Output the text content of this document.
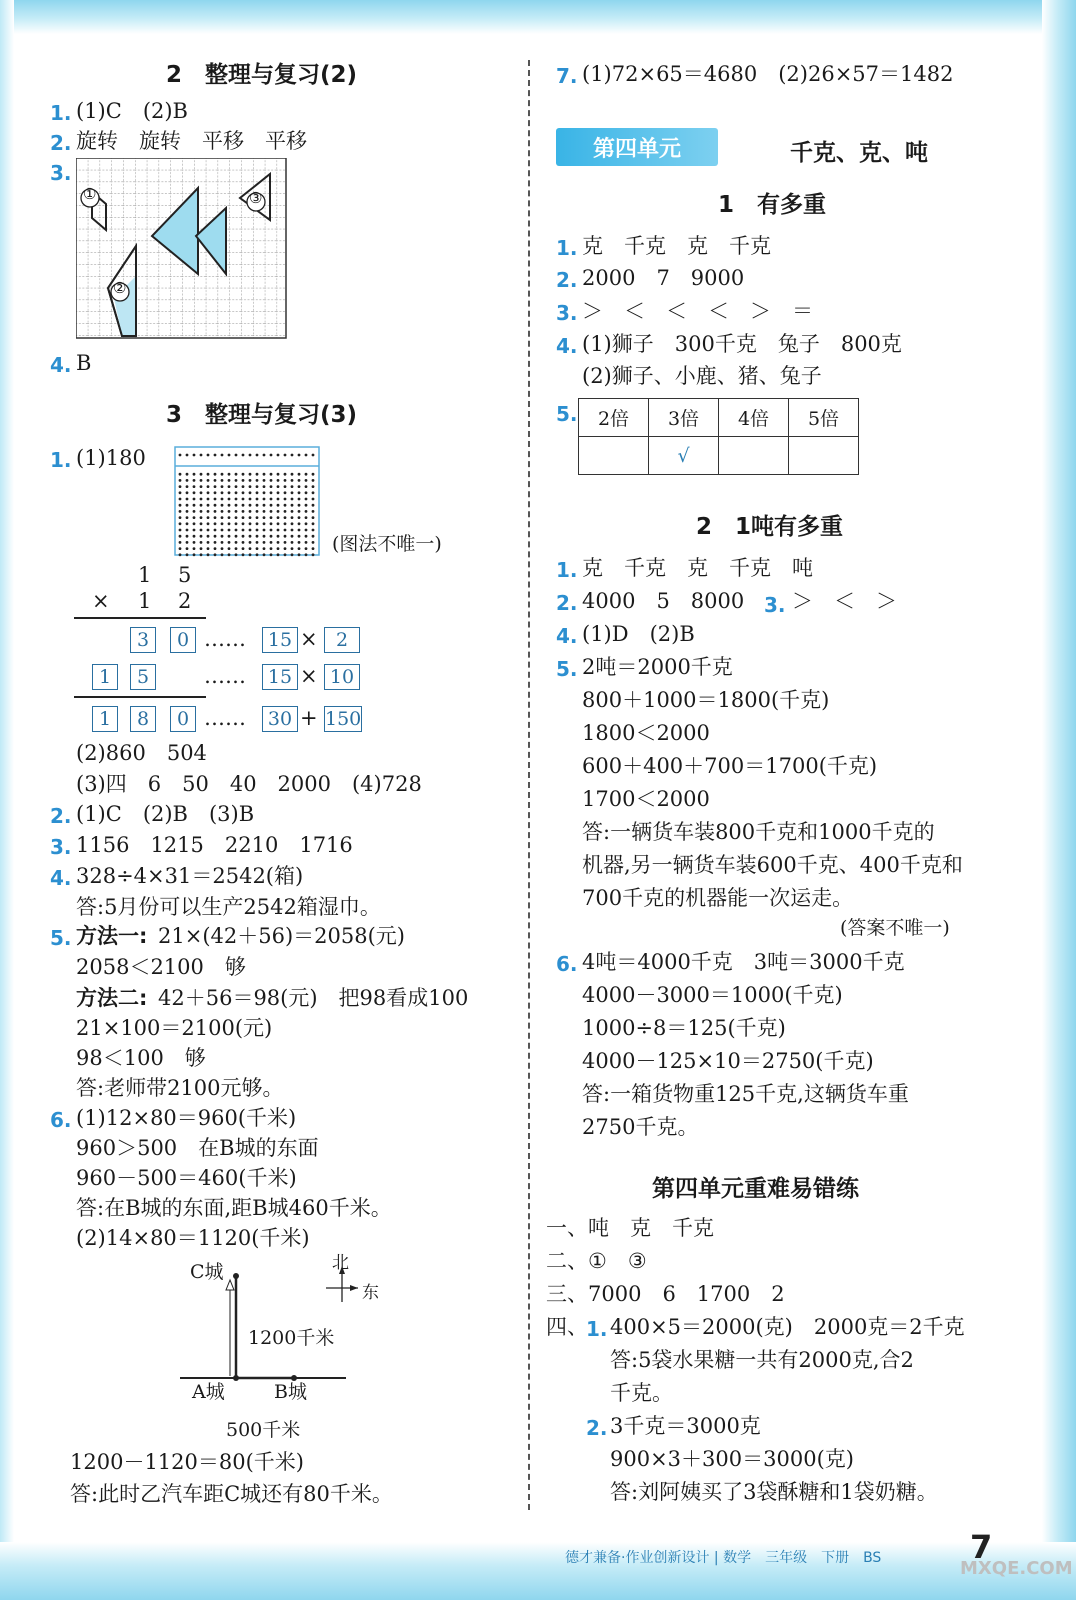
2　整理与复习(2)
1. (1)C　(2)B
2. 旋转　旋转　平移　平移
3.
①
②
③
4. B
3　整理与复习(3)
1. (1)180
(图法不唯一)
1 5
× 1 2
3	0 ……	15 × 2
1	5	……	15 × 10
1	8	0 ……	30 + 150
(2)860　504
(3)四　6　50　40　2000　(4)728
2. (1)C　(2)B　(3)B
3. 1156　1215　2210　1716
4. 328÷4×31＝2542(箱)
答:5月份可以生产2542箱湿巾。
5. 方法一: 21×(42＋56)＝2058(元)
2058＜2100　够
方法二: 42＋56＝98(元)　把98看成100
21×100＝2100(元)
98＜100　够
答:老师带2100元够。
6. (1)12×80＝960(千米)
960＞500　在B城的东面
960－500＝460(千米)
答:在B城的东面,距B城460千米。
(2)14×80＝1120(千米)
C城	北
东
1200千米
A城	B城
500千米
1200－1120＝80(千米)
答:此时乙汽车距C城还有80千米。
7. (1)72×65＝4680　(2)26×57＝1482
第四单元	千克、克、吨
1　有多重
1. 克　千克　克　千克
2. 2000　7　9000
3. ＞　＜　＜　＜　＞　＝
4. (1)狮子　300千克　兔子　800克
(2)狮子、小鹿、猪、兔子
5. 2倍	3倍	4倍	5倍
	√		
2　1吨有多重
1. 克　千克　克　千克　吨
2. 4000　5　8000 3. ＞　＜　＞
4. (1)D　(2)B
5. 2吨＝2000千克
800＋1000＝1800(千克)
1800＜2000
600＋400＋700＝1700(千克)
1700＜2000
答:一辆货车装800千克和1000千克的
机器,另一辆货车装600千克、400千克和
700千克的机器能一次运走。
(答案不唯一)
6. 4吨＝4000千克　3吨＝3000千克
4000－3000＝1000(千克)
1000÷8＝125(千克)
4000－125×10＝2750(千克)
答:一箱货物重125千克,这辆货车重
2750千克。
第四单元重难易错练
一、 吨　克　千克
二、 ①　③
三、 7000　6　1700　2
四、
1. 400×5＝2000(克)　2000克＝2千克
答:5袋水果糖一共有2000克,合2
千克。
2. 3千克＝3000克
900×3＋300＝3000(克)
答:刘阿姨买了3袋酥糖和1袋奶糖。
德才兼备·作业创新设计 | 数学　三年级　下册　BS	7
MXQE.COM
